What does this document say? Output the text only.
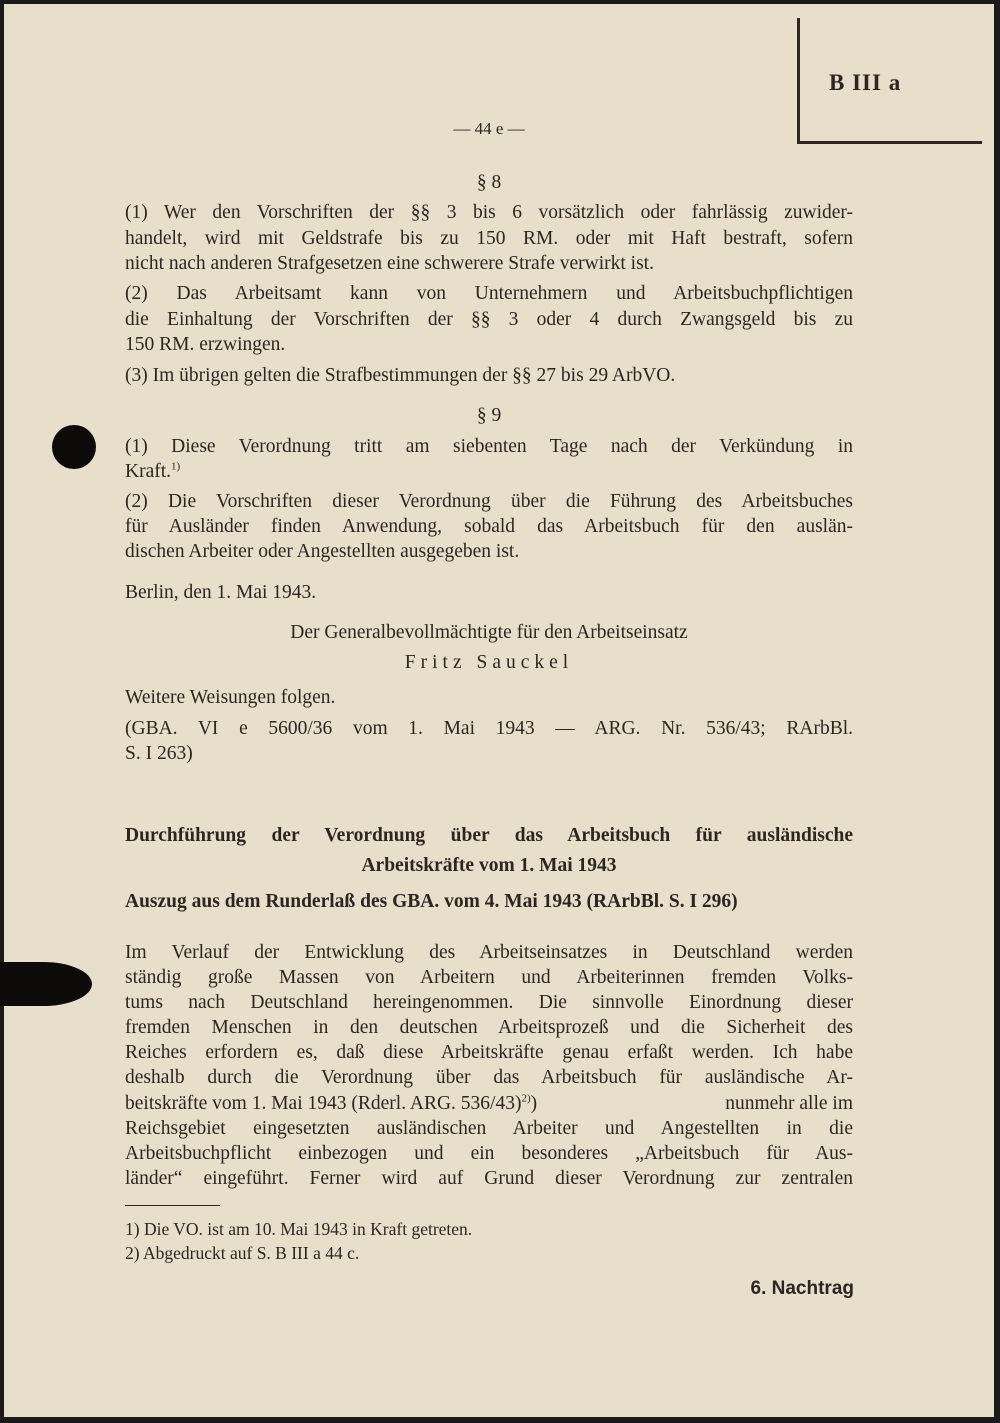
B III a
— 44 e —
§ 8
(1) Wer den Vorschriften der §§ 3 bis 6 vorsätzlich oder fahrlässig zuwider-
handelt, wird mit Geldstrafe bis zu 150 RM. oder mit Haft bestraft, sofern
nicht nach anderen Strafgesetzen eine schwerere Strafe verwirkt ist.
(2) Das Arbeitsamt kann von Unternehmern und Arbeitsbuchpflichtigen
die Einhaltung der Vorschriften der §§ 3 oder 4 durch Zwangsgeld bis zu
150 RM. erzwingen.
(3) Im übrigen gelten die Strafbestimmungen der §§ 27 bis 29 ArbVO.
§ 9
(1) Diese Verordnung tritt am siebenten Tage nach der Verkündung in
Kraft.$^{1)}$
(2) Die Vorschriften dieser Verordnung über die Führung des Arbeitsbuches
für Ausländer finden Anwendung, sobald das Arbeitsbuch für den auslän-
dischen Arbeiter oder Angestellten ausgegeben ist.
Berlin, den 1. Mai 1943.
Der Generalbevollmächtigte für den Arbeitseinsatz
Fritz Sauckel
Weitere Weisungen folgen.
(GBA. VI e 5600/36 vom 1. Mai 1943 — ARG. Nr. 536/43; RArbBl.
S. I 263)
Durchführung der Verordnung über das Arbeitsbuch für ausländische
Arbeitskräfte vom 1. Mai 1943
Auszug aus dem Runderlaß des GBA. vom 4. Mai 1943 (RArbBl. S. I 296)
Im Verlauf der Entwicklung des Arbeitseinsatzes in Deutschland werden
ständig große Massen von Arbeitern und Arbeiterinnen fremden Volks-
tums nach Deutschland hereingenommen. Die sinnvolle Einordnung dieser
fremden Menschen in den deutschen Arbeitsprozeß und die Sicherheit des
Reiches erfordern es, daß diese Arbeitskräfte genau erfaßt werden. Ich habe
deshalb durch die Verordnung über das Arbeitsbuch für ausländische Ar-
beitskräfte vom 1. Mai 1943 (Rderl. ARG. 536/43)$^{2)}$)	nunmehr alle im
Reichsgebiet eingesetzten ausländischen Arbeiter und Angestellten in die
Arbeitsbuchpflicht einbezogen und ein besonderes „Arbeitsbuch für Aus-
länder“ eingeführt. Ferner wird auf Grund dieser Verordnung zur zentralen
1) Die VO. ist am 10. Mai 1943 in Kraft getreten.
2) Abgedruckt auf S. B III a 44 c.
6. Nachtrag
